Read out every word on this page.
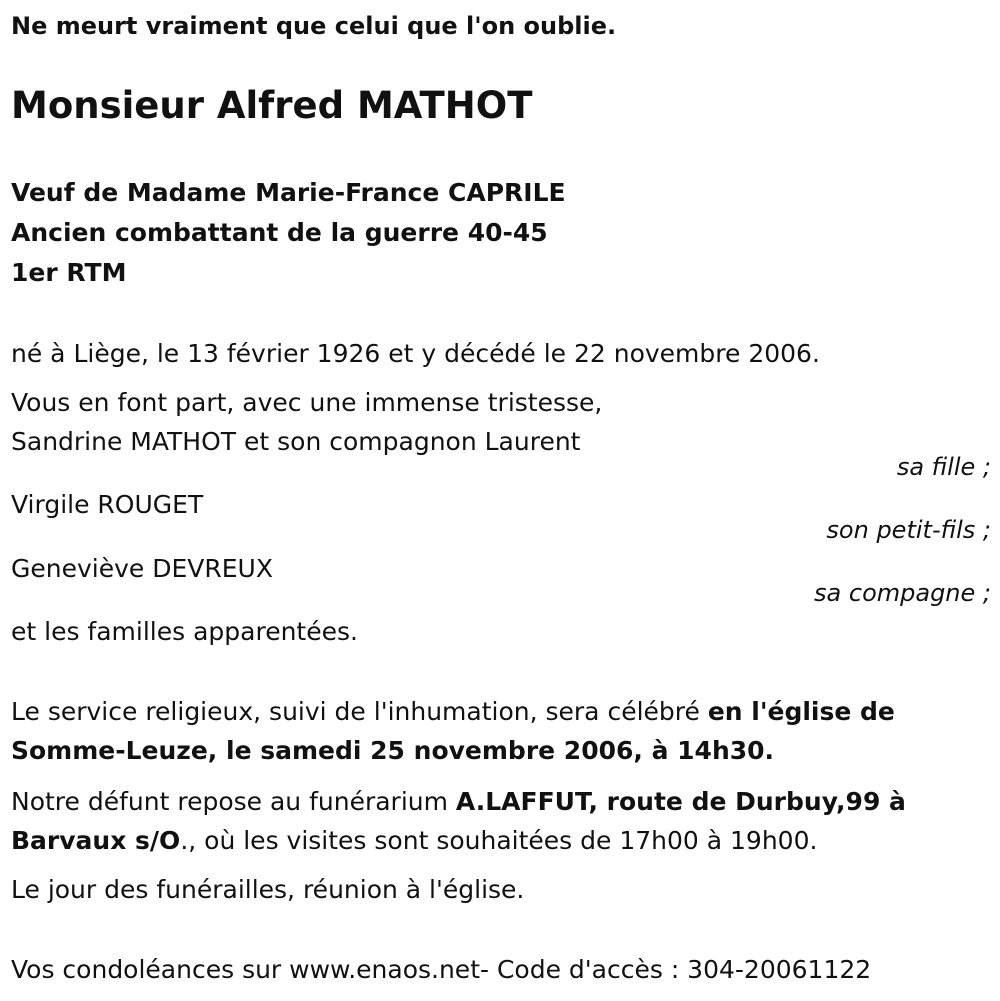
Ne meurt vraiment que celui que l'on oublie.
Monsieur Alfred MATHOT
Veuf de Madame Marie-France CAPRILE
Ancien combattant de la guerre 40-45
1er RTM
né à Liège, le 13 février 1926 et y décédé le 22 novembre 2006.
Vous en font part, avec une immense tristesse,
Sandrine MATHOT et son compagnon Laurent
sa fille ;
Virgile ROUGET
son petit-fils ;
Geneviève DEVREUX
sa compagne ;
et les familles apparentées.
Le service religieux, suivi de l'inhumation, sera célébré en l'église de
Somme-Leuze, le samedi 25 novembre 2006, à 14h30.
Notre défunt repose au funérarium A.LAFFUT, route de Durbuy,99 à
Barvaux s/O., où les visites sont souhaitées de 17h00 à 19h00.
Le jour des funérailles, réunion à l'église.
Vos condoléances sur www.enaos.net- Code d'accès : 304-20061122
